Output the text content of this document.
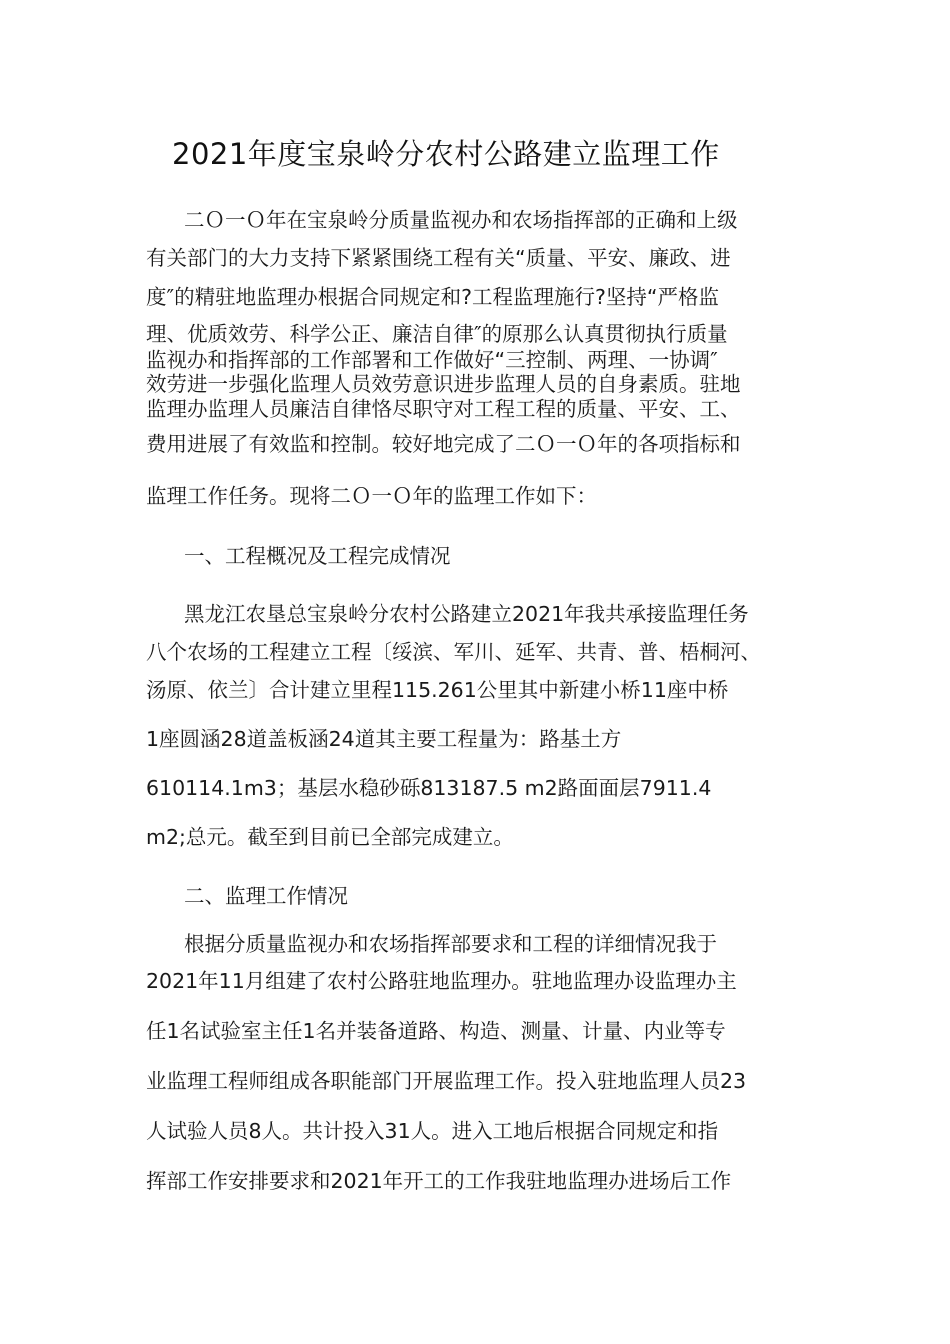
2021年度宝泉岭分农村公路建立监理工作
二Ｏ一Ｏ年在宝泉岭分质量监视办和农场指挥部的正确和上级
有关部门的大力支持下紧紧围绕工程有关“质量、平安、廉政、进
度″的精驻地监理办根据合同规定和?工程监理施行?坚持“严格监
理、优质效劳、科学公正、廉洁自律″的原那么认真贯彻执行质量
监视办和指挥部的工作部署和工作做好“三控制、两理、一协调″
效劳进一步强化监理人员效劳意识进步监理人员的自身素质。驻地
监理办监理人员廉洁自律恪尽职守对工程工程的质量、平安、工、
费用进展了有效监和控制。较好地完成了二Ｏ一Ｏ年的各项指标和
监理工作任务。现将二Ｏ一Ｏ年的监理工作如下：
一、工程概况及工程完成情况
黑龙江农垦总宝泉岭分农村公路建立2021年我共承接监理任务
八个农场的工程建立工程〔绥滨、军川、延军、共青、普、梧桐河、
汤原、依兰〕合计建立里程115.261公里其中新建小桥11座中桥
1座圆涵28道盖板涵24道其主要工程量为：路基土方
610114.1m3；基层水稳砂砾813187.5 m2路面面层7911.4
m2;总元。截至到目前已全部完成建立。
二、监理工作情况
根据分质量监视办和农场指挥部要求和工程的详细情况我于
2021年11月组建了农村公路驻地监理办。驻地监理办设监理办主
任1名试验室主任1名并装备道路、构造、测量、计量、内业等专
业监理工程师组成各职能部门开展监理工作。投入驻地监理人员23
人试验人员8人。共计投入31人。进入工地后根据合同规定和指
挥部工作安排要求和2021年开工的工作我驻地监理办进场后工作
